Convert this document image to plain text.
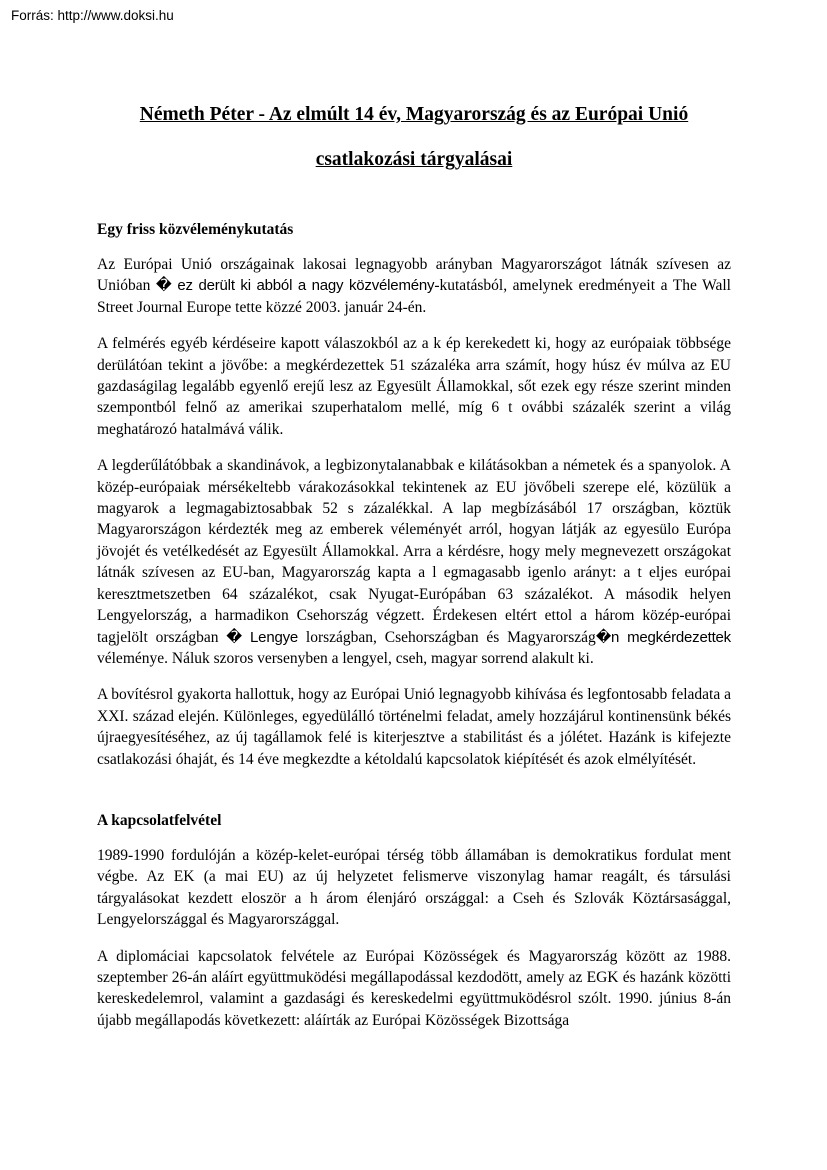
Forrás: http://www.doksi.hu
Németh Péter - Az elmúlt 14 év, Magyarország és az Európai Unió
csatlakozási tárgyalásai
Egy friss közvéleménykutatás

Az Európai Unió országainak lakosai legnagyobb arányban Magyarországot látnák szívesen az Unióban � ez derült ki abból a nagy közvélemény-kutatásból, amelynek eredményeit a The Wall Street Journal Europe tette közzé 2003. január 24-én.

A felmérés egyéb kérdéseire kapott válaszokból az a k ép kerekedett ki, hogy az európaiak többsége derülátóan tekint a jövőbe: a megkérdezettek 51 százaléka arra számít, hogy húsz év múlva az EU gazdaságilag legalább egyenlő erejű lesz az Egyesült Államokkal, sőt ezek egy része szerint minden szempontból felnő az amerikai szuperhatalom mellé, míg 6 t ovábbi százalék szerint a világ meghatározó hatalmává válik.

A legderűlátóbbak a skandinávok, a legbizonytalanabbak e kilátásokban a németek és a spanyolok. A közép-európaiak mérsékeltebb várakozásokkal tekintenek az EU jövőbeli szerepe elé, közülük a magyarok a legmagabiztosabbak 52 s zázalékkal. A lap megbízásából 17 országban, köztük Magyarországon kérdezték meg az emberek véleményét arról, hogyan látják az egyesülo Európa jövojét és vetélkedését az Egyesült Államokkal. Arra a kérdésre, hogy mely megnevezett országokat látnák szívesen az EU-ban, Magyarország kapta a l egmagasabb igenlo arányt: a t eljes európai keresztmetszetben 64 százalékot, csak Nyugat-Európában 63 százalékot. A második helyen Lengyelország, a harmadikon Csehország végzett. Érdekesen eltért ettol a három közép-európai tagjelölt országban � Lengye lországban, Csehországban és Magyarország�n megkérdezettek véleménye. Náluk szoros versenyben a lengyel, cseh, magyar sorrend alakult ki.

A bovítésrol gyakorta hallottuk, hogy az Európai Unió legnagyobb kihívása és legfontosabb feladata a XXI. század elején. Különleges, egyedülálló történelmi feladat, amely hozzájárul kontinensünk békés újraegyesítéséhez, az új tagállamok felé is kiterjesztve a stabilitást és a jólétet. Hazánk is kifejezte csatlakozási óhaját, és 14 éve megkezdte a kétoldalú kapcsolatok kiépítését és azok elmélyítését.

A kapcsolatfelvétel

1989-1990 fordulóján a közép-kelet-európai térség több államában is demokratikus fordulat ment végbe. Az EK (a mai EU) az új helyzetet felismerve viszonylag hamar reagált, és társulási tárgyalásokat kezdett eloször a h árom élenjáró országgal: a Cseh és Szlovák Köztársasággal, Lengyelországgal és Magyarországgal.

A diplomáciai kapcsolatok felvétele az Európai Közösségek és Magyarország között az 1988. szeptember 26-án aláírt együttmuködési megállapodással kezdodött, amely az EGK és hazánk közötti kereskedelemrol, valamint a gazdasági és kereskedelmi együttmuködésrol szólt. 1990. június 8-án újabb megállapodás következett: aláírták az Európai Közösségek Bizottsága
